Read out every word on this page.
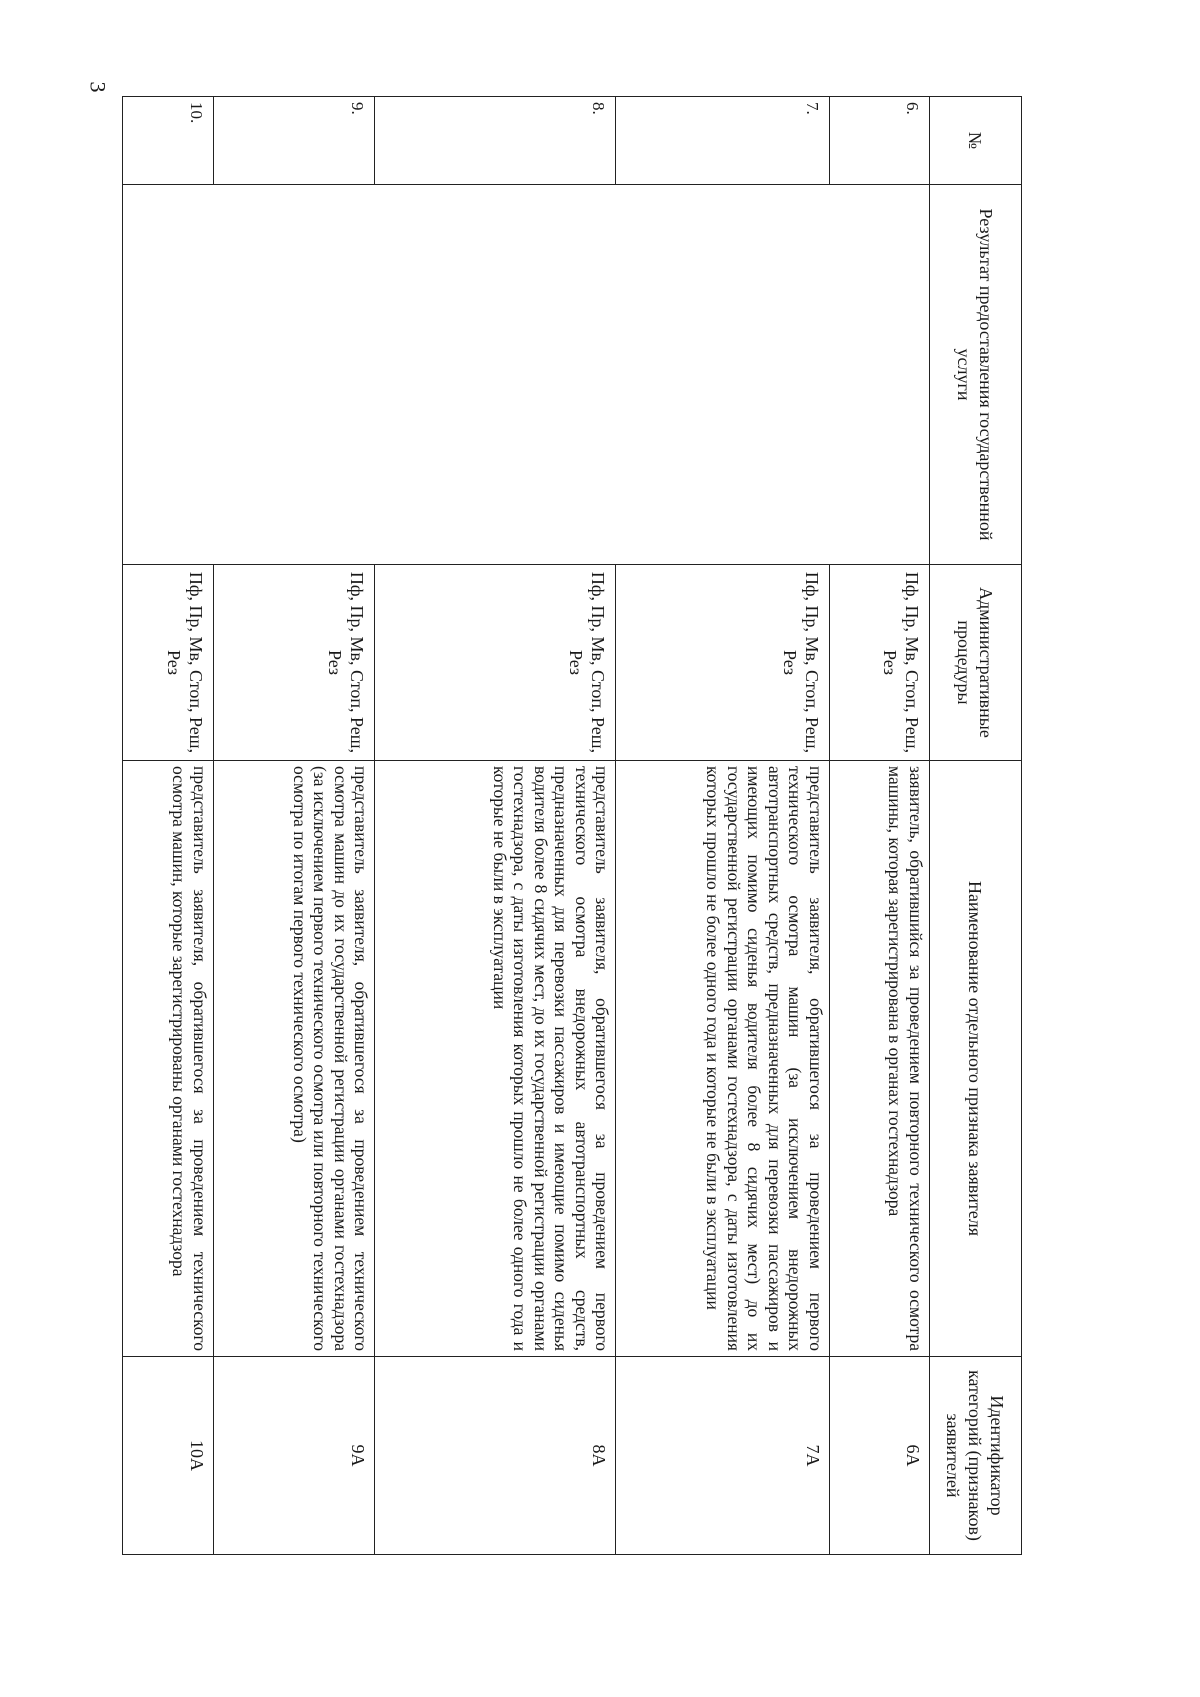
3
№	Результат предоставления государственной услуги	Административные процедуры	Наименование отдельного признака заявителя	Идентификатор категорий (признаков) заявителей
6.		Пф, Пр, Мв, Стоп, Реш, Рез	заявитель, обратившийся за проведением повторного технического осмотра машины, которая зарегистрирована в органах гостехнадзора	6А
7.		Пф, Пр, Мв, Стоп, Реш, Рез	представитель заявителя, обратившегося за проведением первого технического осмотра машин (за исключением внедорожных автотранспортных средств, предназначенных для перевозки пассажиров и имеющих помимо сиденья водителя более 8 сидячих мест) до их государственной регистрации органами гостехнадзора, с даты изготовления которых прошло не более одного года и которые не были в эксплуатации	7А
8.		Пф, Пр, Мв, Стоп, Реш, Рез	представитель заявителя, обратившегося за проведением первого технического осмотра внедорожных автотранспортных средств, предназначенных для перевозки пассажиров и имеющие помимо сиденья водителя более 8 сидячих мест, до их государственной регистрации органами гостехнадзора, с даты изготовления которых прошло не более одного года и которые не были в эксплуатации	8А
9.		Пф, Пр, Мв, Стоп, Реш, Рез	представитель заявителя, обратившегося за проведением технического осмотра машин до их государственной регистрации органами гостехнадзора (за исключением первого технического осмотра или повторного технического осмотра по итогам первого технического осмотра)	9А
10.		Пф, Пр, Мв, Стоп, Реш, Рез	представитель заявителя, обратившегося за проведением технического осмотра машин, которые зарегистрированы органами гостехнадзора	10А
